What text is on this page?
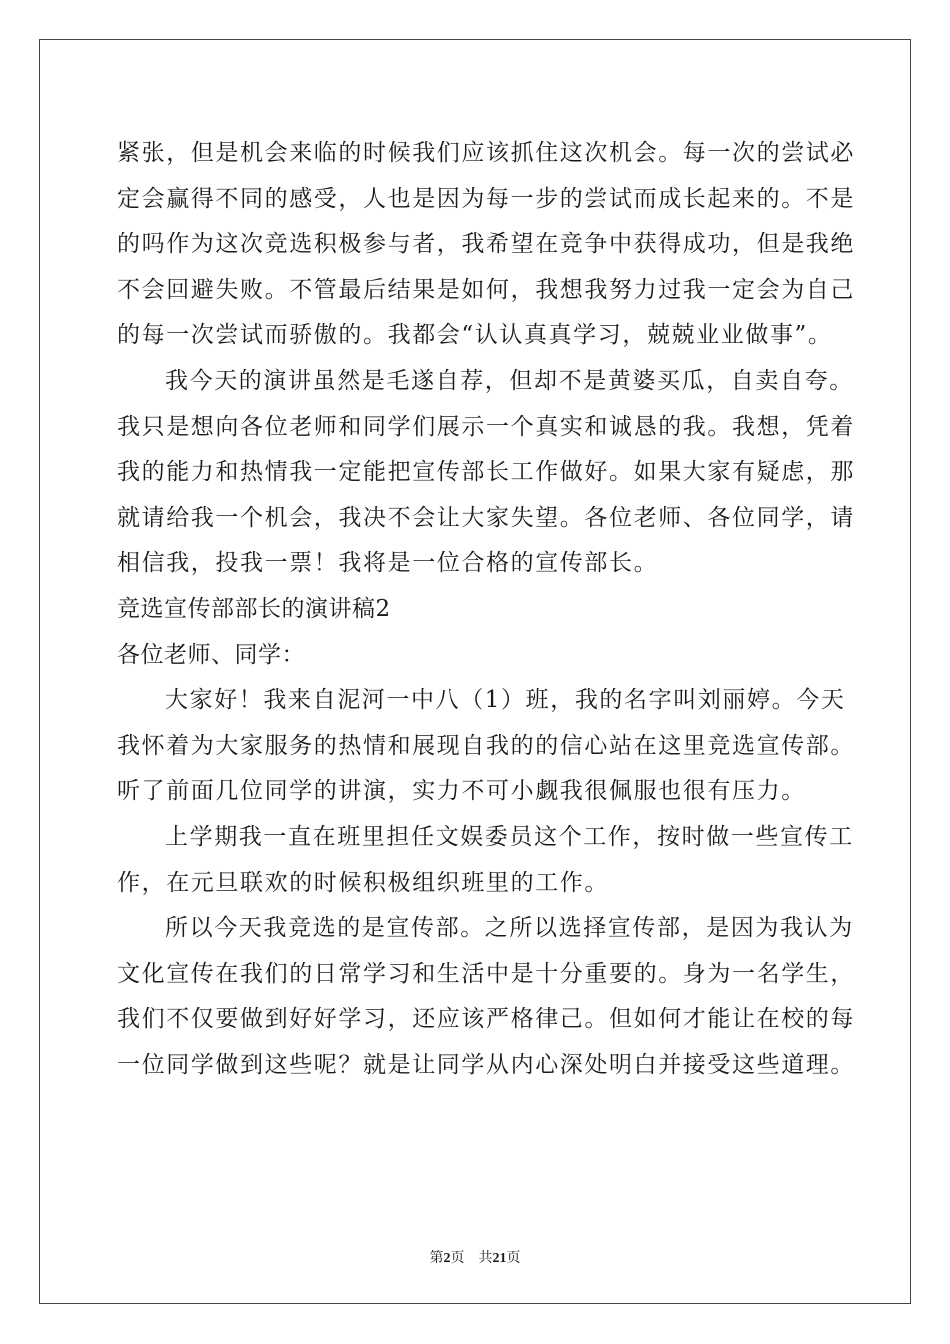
紧张，但是机会来临的时候我们应该抓住这次机会。每一次的尝试必
定会赢得不同的感受，人也是因为每一步的尝试而成长起来的。不是
的吗作为这次竞选积极参与者，我希望在竞争中获得成功，但是我绝
不会回避失败。不管最后结果是如何，我想我努力过我一定会为自己
的每一次尝试而骄傲的。我都会“认认真真学习，兢兢业业做事”。
我今天的演讲虽然是毛遂自荐，但却不是黄婆买瓜，自卖自夸。
我只是想向各位老师和同学们展示一个真实和诚恳的我。我想，凭着
我的能力和热情我一定能把宣传部长工作做好。如果大家有疑虑，那
就请给我一个机会，我决不会让大家失望。各位老师、各位同学，请
相信我，投我一票！我将是一位合格的宣传部长。
竞选宣传部部长的演讲稿2
各位老师、同学：
大家好！我来自泥河一中八（1）班，我的名字叫刘丽婷。今天
我怀着为大家服务的热情和展现自我的的信心站在这里竞选宣传部。
听了前面几位同学的讲演，实力不可小觑我很佩服也很有压力。
上学期我一直在班里担任文娱委员这个工作，按时做一些宣传工
作，在元旦联欢的时候积极组织班里的工作。
所以今天我竞选的是宣传部。之所以选择宣传部，是因为我认为
文化宣传在我们的日常学习和生活中是十分重要的。身为一名学生，
我们不仅要做到好好学习，还应该严格律己。但如何才能让在校的每
一位同学做到这些呢？就是让同学从内心深处明白并接受这些道理。
第2页 共21页
